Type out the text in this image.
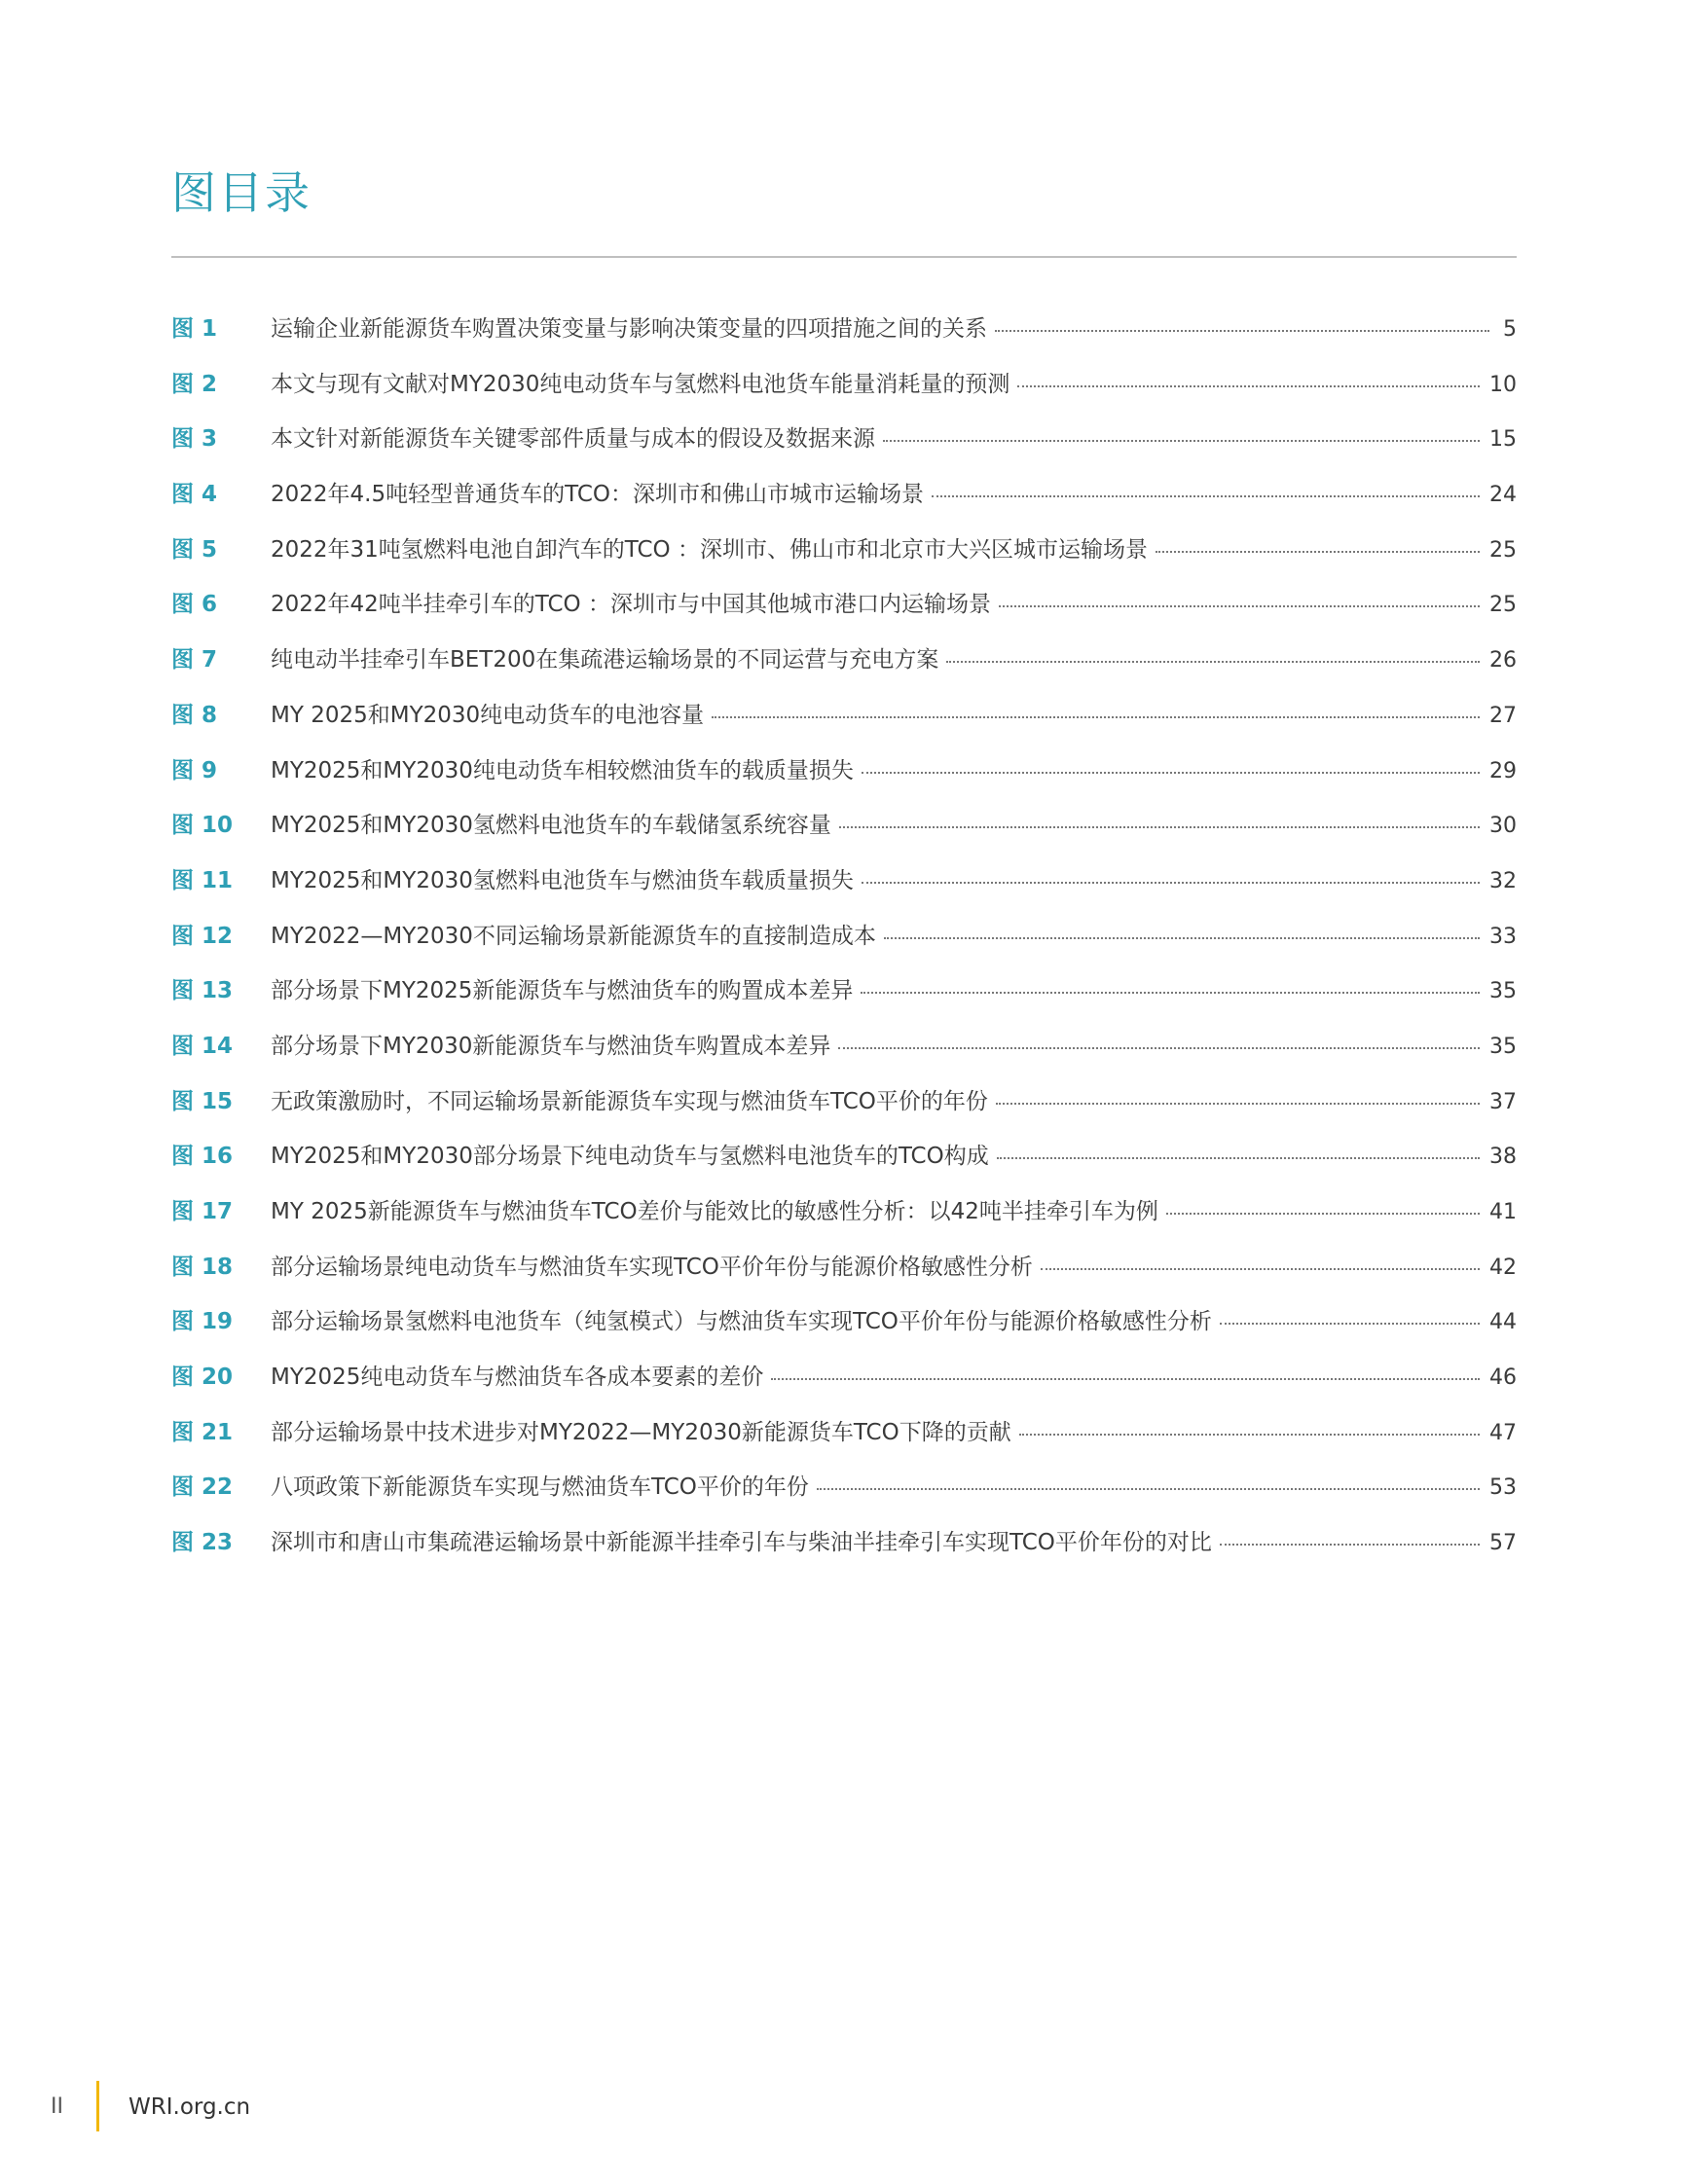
图目录
图 1	运输企业新能源货车购置决策变量与影响决策变量的四项措施之间的关系	5
图 2	本文与现有文献对MY2030纯电动货车与氢燃料电池货车能量消耗量的预测	10
图 3	本文针对新能源货车关键零部件质量与成本的假设及数据来源	15
图 4	2022年4.5吨轻型普通货车的TCO：深圳市和佛山市城市运输场景	24
图 5	2022年31吨氢燃料电池自卸汽车的TCO ：深圳市、佛山市和北京市大兴区城市运输场景	25
图 6	2022年42吨半挂牵引车的TCO ：深圳市与中国其他城市港口内运输场景	25
图 7	纯电动半挂牵引车BET200在集疏港运输场景的不同运营与充电方案	26
图 8	MY 2025和MY2030纯电动货车的电池容量	27
图 9	MY2025和MY2030纯电动货车相较燃油货车的载质量损失	29
图 10	MY2025和MY2030氢燃料电池货车的车载储氢系统容量	30
图 11	MY2025和MY2030氢燃料电池货车与燃油货车载质量损失	32
图 12	MY2022—MY2030不同运输场景新能源货车的直接制造成本	33
图 13	部分场景下MY2025新能源货车与燃油货车的购置成本差异	35
图 14	部分场景下MY2030新能源货车与燃油货车购置成本差异	35
图 15	无政策激励时，不同运输场景新能源货车实现与燃油货车TCO平价的年份	37
图 16	MY2025和MY2030部分场景下纯电动货车与氢燃料电池货车的TCO构成	38
图 17	MY 2025新能源货车与燃油货车TCO差价与能效比的敏感性分析：以42吨半挂牵引车为例	41
图 18	部分运输场景纯电动货车与燃油货车实现TCO平价年份与能源价格敏感性分析	42
图 19	部分运输场景氢燃料电池货车（纯氢模式）与燃油货车实现TCO平价年份与能源价格敏感性分析	44
图 20	MY2025纯电动货车与燃油货车各成本要素的差价	46
图 21	部分运输场景中技术进步对MY2022—MY2030新能源货车TCO下降的贡献	47
图 22	八项政策下新能源货车实现与燃油货车TCO平价的年份	53
图 23	深圳市和唐山市集疏港运输场景中新能源半挂牵引车与柴油半挂牵引车实现TCO平价年份的对比	57
II	WRI.org.cn
